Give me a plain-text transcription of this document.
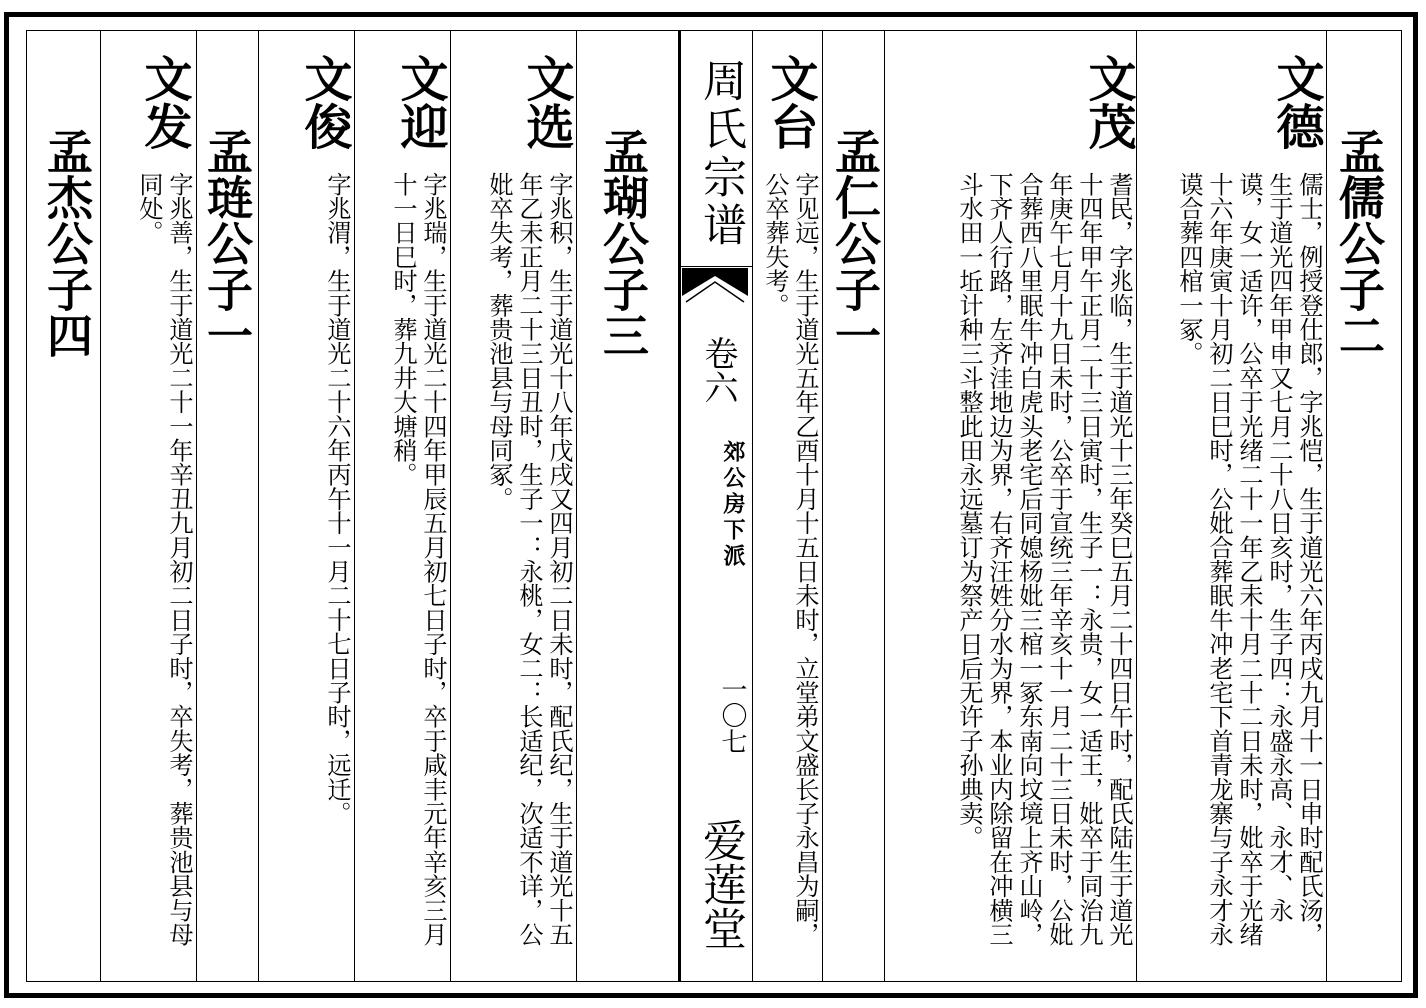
周氏宗谱
卷六
郊公房下派
一〇七
爱莲堂
孟儒公子二
文德
儒士，例授登仕郎，字兆恺，生于道光六年丙戌九月十一日申时配氏汤，生于道光四年甲申又七月二十八日亥时，生子四：永盛永高、永才、永谟，女一适许，公卒于光绪二十一年乙未十月二十二日未时，妣卒于光绪十六年庚寅十月初二日巳时，公妣合葬眠牛冲老宅下首青龙寨与子永才永谟合葬四棺一冢。
文茂
耆民，字兆临，生于道光十三年癸巳五月二十四日午时，配氏陆生于道光十四年甲午正月二十三日寅时，生子一：永贵，女一适王，妣卒于同治九年庚午七月十九日未时，公卒于宣统三年辛亥十一月二十三日未时，公妣合葬西八里眠牛冲白虎头老宅后同媳杨妣三棺一冢东南向坟境上齐山岭，下齐人行路，左齐洼地边为界，右齐汪姓分水为界，本业内除留在冲横三斗水田一坵计种三斗整此田永远墓订为祭产日后无许子孙典卖。
孟仁公子一
文台
字见远，生于道光五年乙酉十月十五日未时，立堂弟文盛长子永昌为嗣，公卒葬失考。
孟瑚公子三
文选
字兆积，生于道光十八年戊戌又四月初二日未时，配氏纪，生于道光十五年乙未正月二十三日丑时，生子一：永桃，女二：长适纪，次适不详，公妣卒失考，葬贵池县与母同冢。
文迎
字兆瑞，生于道光二十四年甲辰五月初七日子时，卒于咸丰元年辛亥三月十一日巳时，葬九井大塘稍。
文俊
字兆渭，生于道光二十六年丙午十一月二十七日子时，远迁。
孟琏公子一
文发
字兆善，生于道光二十一年辛丑九月初二日子时，卒失考，葬贵池县与母同处。
孟杰公子四
